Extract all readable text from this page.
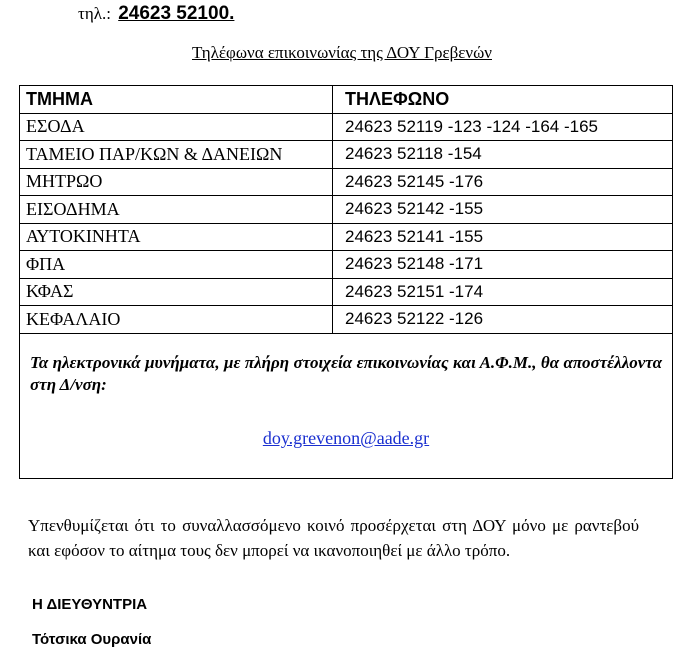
τηλ.: 24623 52100.
Τηλέφωνα επικοινωνίας της ΔΟΥ Γρεβενών
ΤΜΗΜΑ	ΤΗΛΕΦΩΝΟ
ΕΣΟΔΑ	24623 52119 -123 -124 -164 -165
ΤΑΜΕΙΟ ΠΑΡ/ΚΩΝ & ΔΑΝΕΙΩΝ	24623 52118 -154
ΜΗΤΡΩΟ	24623 52145 -176
ΕΙΣΟΔΗΜΑ	24623 52142 -155
ΑΥΤΟΚΙΝΗΤΑ	24623 52141 -155
ΦΠΑ	24623 52148 -171
ΚΦΑΣ	24623 52151 -174
ΚΕΦΑΛΑΙΟ	24623 52122 -126
Τα ηλεκτρονικά μυνήματα, με πλήρη στοιχεία επικοινωνίας και Α.Φ.Μ., θα αποστέλλοντα στη Δ/νση:
doy.grevenon@aade.gr
Υπενθυμίζεται ότι το συναλλασσόμενο κοινό προσέρχεται στη ΔΟΥ μόνο με ραντεβού και εφόσον το αίτημα τους δεν μπορεί να ικανοποιηθεί με άλλο τρόπο.
Η ΔΙΕΥΘΥΝΤΡΙΑ
Τότσικα Ουρανία
